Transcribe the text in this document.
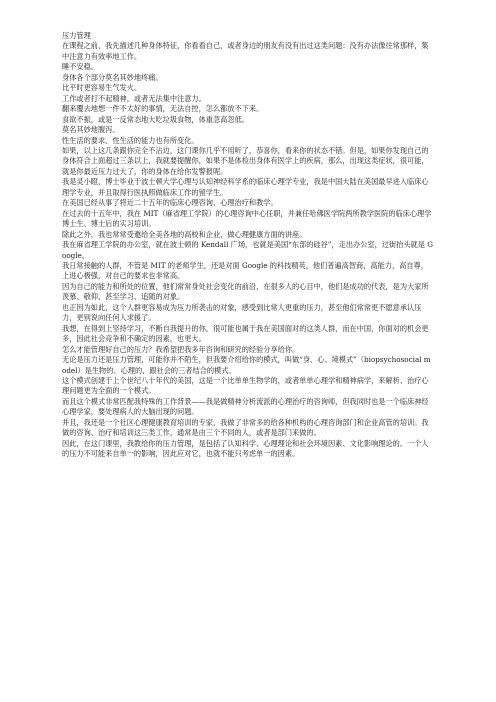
压力管理

在课程之前，我先描述几种身体特征，你看看自己，或者身边的朋友有没有出过这类问题：没有办法像往常那样，集中注意力有效率地工作。

睡不安稳。

身体各个部分莫名其妙地疼痛。

比平时更容易生气发火。

工作或者打不起精神，或者无法集中注意力。

翻来覆去地想一件不太好的事情，无法自控，怎么都放不下来。

食欲不振，或是一反常态地大吃垃圾食物，体重忽高忽低。

莫名其妙地腹泻。

性生活的要求、性生活的能力也有所变化。

如果，以上这几条跟你完全不沾边，这门课你几乎不用听了，恭喜你，看来你的状态不错。但是，如果你发现自己的身体符合上面超过三条以上，我就要提醒你，如果不是体检出身体有医学上的疾病，那么，出现这类症状，很可能，就是你最近压力过大了，你的身体在给你发警报呢。

我是灵小瞪，博士毕业于波士顿大学心理与认知神经科学系的临床心理学专业，我是中国大陆在美国最早进入临床心理学专业，并且取得行医执照做临床工作的留学生。

在美国已经从事了将近二十五年的临床心理咨询、心理治疗和教学。

在过去的十五年中，我在 MIT（麻省理工学院）的心理咨询中心任职，并兼任哈佛医学院两所教学医院的临床心理学博士生、博士后的实习培训。

除此之外，我也常常受邀给全美各地的高校和企业，做心理健康方面的讲座。

我在麻省理工学院的办公室，就在波士顿的 Kendall 广场，也就是美国“东部的硅谷”，走出办公室，过街抬头就是 Google。

我日常接触的人群，不管是 MIT 的老师学生，还是对面 Google 的科技精英，他们普遍高智商，高能力，高自尊，上进心极强，对自己的要求也非常高。

因为自己的能力和所处的位置，他们常常身处社会变化的前沿，在很多人的心目中，他们是成功的代表，是为大家所羡慕、敬仰，甚至学习、追随的对象。

也正因为如此，这个人群更容易成为压力所袭击的对象，感受到比常人更重的压力，甚至他们常常更不愿意承认压力，更别说向任何人求援了。

我想，在得到上坚持学习，不断自我提升的你，很可能也属于我在美国面对的这类人群，而在中国，你面对的机会更多，因此社会竞争和不确定的因素，也更大。

怎么才能管理好自己的压力？我希望把我多年咨询和研究的经验分享给你。

无论是压力还是压力管理，可能你并不陌生，但我要介绍给你的模式，叫做“身、心、境模式”（biopsychosocial model）是生物的、心理的，跟社会的三者结合的模式。

这个模式创建于上个世纪八十年代的美国，这是一个比单单生物学的，或者单单心理学和精神病学，来解析、治疗心理问题更为全面的一个模式。

而且这个模式非常匹配我特殊的工作背景——我是做精神分析流派的心理治疗的咨询师，但我同时也是一个临床神经心理学家，要处理病人的大脑出现的问题。

并且，我还是一个社区心理健康教育培训的专家，我做了非常多的给各种机构的心理咨询部门和企业高管的培训。我做的咨询、治疗和培训这三类工作，通常是由三个不同的人，或者是部门来做的。

因此，在这门课里，我教给你的压力管理，是包括了认知科学、心理理论和社会环境因素、文化影响理论的。一个人的压力不可能来自单一的影响，因此应对它，也就不能只考虑单一的因素。
